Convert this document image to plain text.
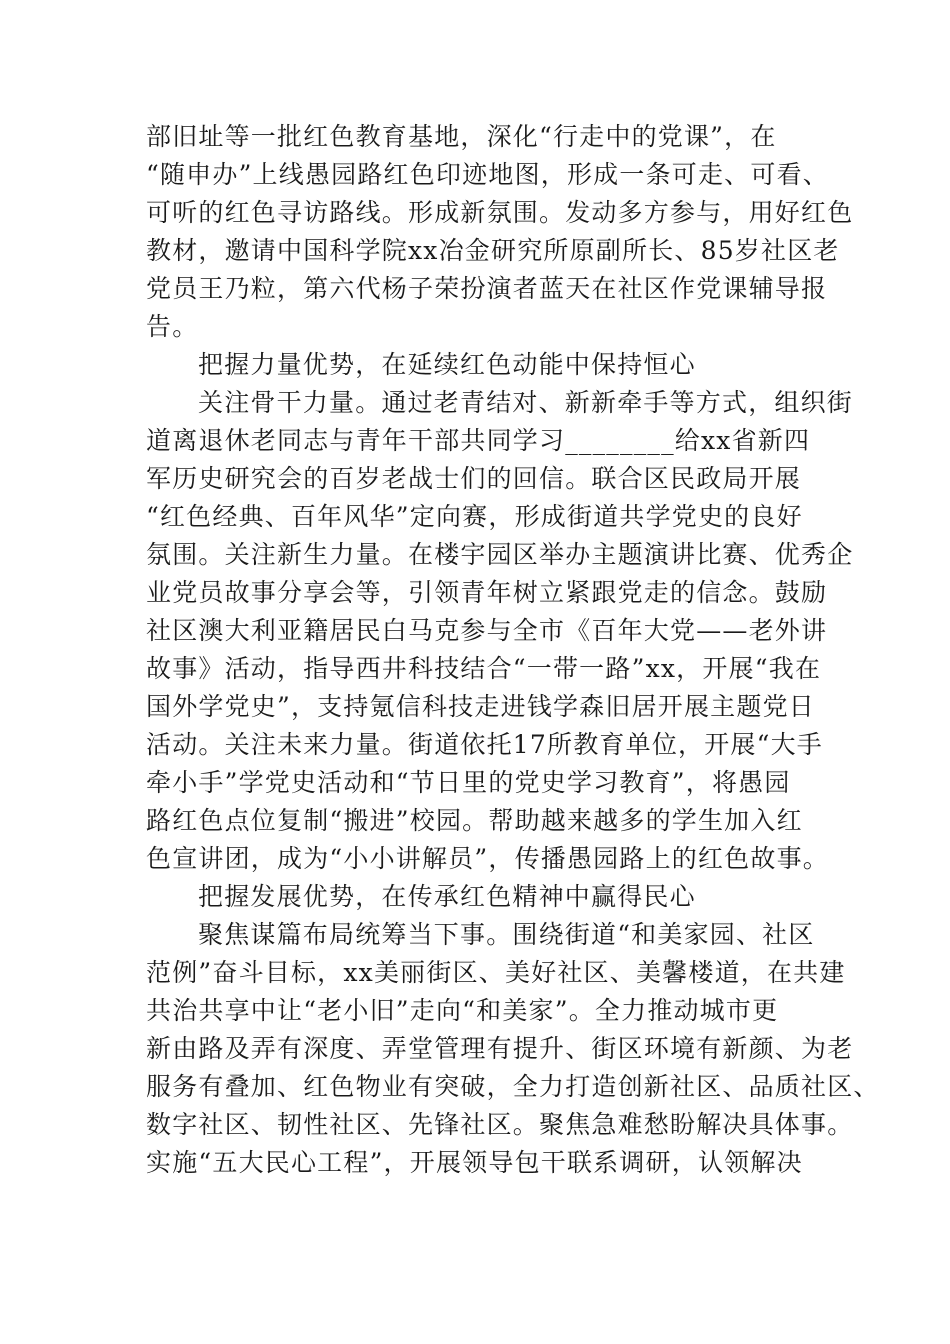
部旧址等一批红色教育基地，深化“行走中的党课”，在
“随申办”上线愚园路红色印迹地图，形成一条可走、可看、
可听的红色寻访路线。形成新氛围。发动多方参与，用好红色
教材，邀请中国科学院xx冶金研究所原副所长、85岁社区老
党员王乃粒，第六代杨子荣扮演者蓝天在社区作党课辅导报
告。
把握力量优势，在延续红色动能中保持恒心
关注骨干力量。通过老青结对、新新牵手等方式，组织街
道离退休老同志与青年干部共同学习________给xx省新四
军历史研究会的百岁老战士们的回信。联合区民政局开展
“红色经典、百年风华”定向赛，形成街道共学党史的良好
氛围。关注新生力量。在楼宇园区举办主题演讲比赛、优秀企
业党员故事分享会等，引领青年树立紧跟党走的信念。鼓励
社区澳大利亚籍居民白马克参与全市《百年大党——老外讲
故事》活动，指导西井科技结合“一带一路”xx，开展“我在
国外学党史”，支持氪信科技走进钱学森旧居开展主题党日
活动。关注未来力量。街道依托17所教育单位，开展“大手
牵小手”学党史活动和“节日里的党史学习教育”，将愚园
路红色点位复制“搬进”校园。帮助越来越多的学生加入红
色宣讲团，成为“小小讲解员”，传播愚园路上的红色故事。
把握发展优势，在传承红色精神中赢得民心
聚焦谋篇布局统筹当下事。围绕街道“和美家园、社区
范例”奋斗目标，xx美丽街区、美好社区、美馨楼道，在共建
共治共享中让“老小旧”走向“和美家”。全力推动城市更
新由路及弄有深度、弄堂管理有提升、街区环境有新颜、为老
服务有叠加、红色物业有突破，全力打造创新社区、品质社区、
数字社区、韧性社区、先锋社区。聚焦急难愁盼解决具体事。
实施“五大民心工程”，开展领导包干联系调研，认领解决
